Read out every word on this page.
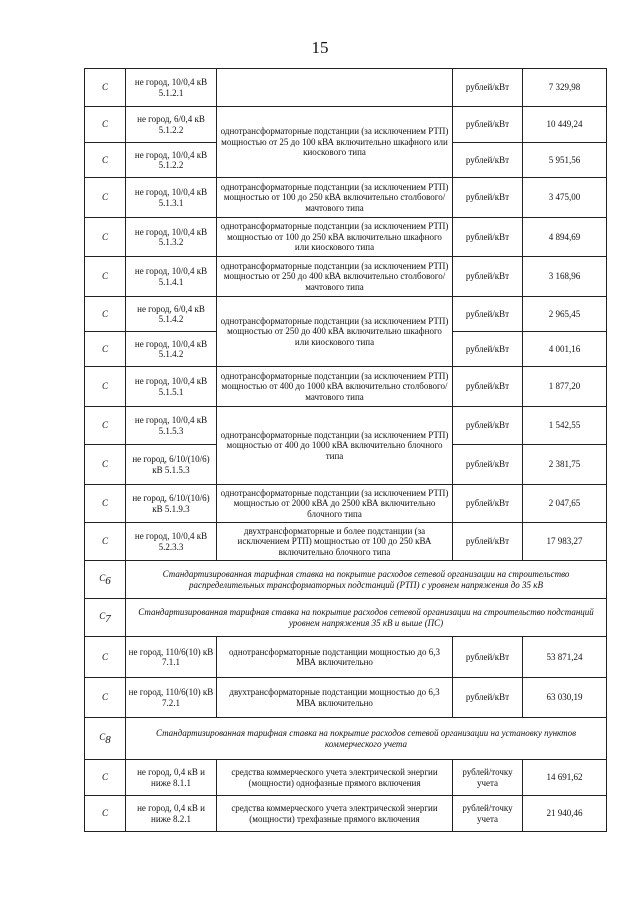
15
C	не город, 10/0,4 кВ 5.1.2.1		рублей/кВт	7 329,98
C	не город, 6/0,4 кВ 5.1.2.2	однотрансформаторные подстанции (за исключением РТП) мощностью от 25 до 100 кВА включительно шкафного или киоскового типа	рублей/кВт	10 449,24
C	не город, 10/0,4 кВ 5.1.2.2		рублей/кВт	5 951,56
C	не город, 10/0,4 кВ 5.1.3.1	однотрансформаторные подстанции (за исключением РТП) мощностью от 100 до 250 кВА включительно столбового/мачтового типа	рублей/кВт	3 475,00
C	не город, 10/0,4 кВ 5.1.3.2	однотрансформаторные подстанции (за исключением РТП) мощностью от 100 до 250 кВА включительно шкафного или киоскового типа	рублей/кВт	4 894,69
C	не город, 10/0,4 кВ 5.1.4.1	однотрансформаторные подстанции (за исключением РТП) мощностью от 250 до 400 кВА включительно столбового/мачтового типа	рублей/кВт	3 168,96
C	не город, 6/0,4 кВ 5.1.4.2	однотрансформаторные подстанции (за исключением РТП) мощностью от 250 до 400 кВА включительно шкафного или киоскового типа	рублей/кВт	2 965,45
C	не город, 10/0,4 кВ 5.1.4.2		рублей/кВт	4 001,16
C	не город, 10/0,4 кВ 5.1.5.1	однотрансформаторные подстанции (за исключением РТП) мощностью от 400 до 1000 кВА включительно столбового/мачтового типа	рублей/кВт	1 877,20
C	не город, 10/0,4 кВ 5.1.5.3	однотрансформаторные подстанции (за исключением РТП) мощностью от 400 до 1000 кВА включительно блочного типа	рублей/кВт	1 542,55
C	не город, 6/10/(10/6) кВ 5.1.5.3		рублей/кВт	2 381,75
C	не город, 6/10/(10/6) кВ 5.1.9.3	однотрансформаторные подстанции (за исключением РТП) мощностью от 2000 кВА до 2500 кВА включительно блочного типа	рублей/кВт	2 047,65
C	не город, 10/0,4 кВ 5.2.3.3	двухтрансформаторные и более подстанции (за исключением РТП) мощностью от 100 до 250 кВА включительно блочного типа	рублей/кВт	17 983,27
$C_6$	Стандартизированная тарифная ставка на покрытие расходов сетевой организации на строительство распределительных трансформаторных подстанций (РТП) с уровнем напряжения до 35 кВ			
$C_7$	Стандартизированная тарифная ставка на покрытие расходов сетевой организации на строительство подстанций уровнем напряжения 35 кВ и выше (ПС)			
C	не город, 110/6(10) кВ 7.1.1	однотрансформаторные подстанции мощностью до 6,3 МВА включительно	рублей/кВт	53 871,24
C	не город, 110/6(10) кВ 7.2.1	двухтрансформаторные подстанции мощностью до 6,3 МВА включительно	рублей/кВт	63 030,19
$C_8$	Стандартизированная тарифная ставка на покрытие расходов сетевой организации на установку пунктов коммерческого учета			
C	не город, 0,4 кВ и ниже 8.1.1	средства коммерческого учета электрической энергии (мощности) однофазные прямого включения	рублей/точку учета	14 691,62
C	не город, 0,4 кВ и ниже 8.2.1	средства коммерческого учета электрической энергии (мощности) трехфазные прямого включения	рублей/точку учета	21 940,46
